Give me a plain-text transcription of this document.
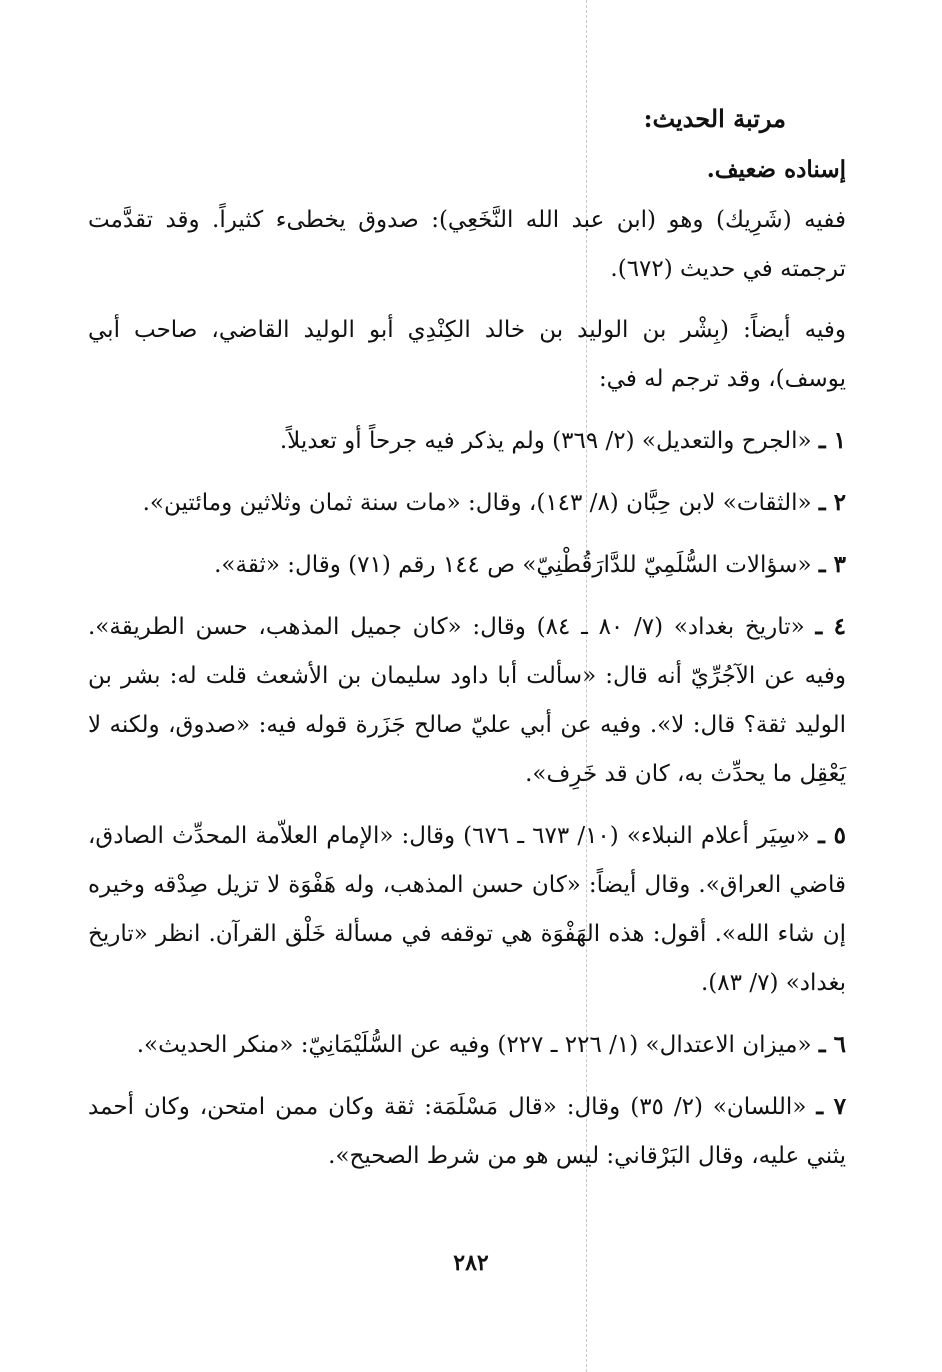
مرتبة الحديث:
إسناده ضعيف.
ففيه (شَرِيك) وهو (ابن عبد الله النَّخَعِي): صدوق يخطىء كثيراً. وقد تقدَّمت ترجمته في حديث (٦٧٢).
وفيه أيضاً: (بِشْر بن الوليد بن خالد الكِنْدِي أبو الوليد القاضي، صاحب أبي يوسف)، وقد ترجم له في:
١ ـ «الجرح والتعديل» (٢/ ٣٦٩) ولم يذكر فيه جرحاً أو تعديلاً.
٢ ـ «الثقات» لابن حِبَّان (٨/ ١٤٣)، وقال: «مات سنة ثمان وثلاثين ومائتين».
٣ ـ «سؤالات السُّلَمِيّ للدَّارَقُطْنِيّ» ص ١٤٤ رقم (٧١) وقال: «ثقة».
٤ ـ «تاريخ بغداد» (٧/ ٨٠ ـ ٨٤) وقال: «كان جميل المذهب، حسن الطريقة». وفيه عن الآجُرِّيّ أنه قال: «سألت أبا داود سليمان بن الأشعث قلت له: بشر بن الوليد ثقة؟ قال: لا». وفيه عن أبي عليّ صالح جَزَرة قوله فيه: «صدوق، ولكنه لا يَعْقِل ما يحدِّث به، كان قد خَرِف».
٥ ـ «سِيَر أعلام النبلاء» (١٠/ ٦٧٣ ـ ٦٧٦) وقال: «الإمام العلاّمة المحدِّث الصادق، قاضي العراق». وقال أيضاً: «كان حسن المذهب، وله هَفْوَة لا تزيل صِدْقه وخيره إن شاء الله». أقول: هذه الهَفْوَة هي توقفه في مسألة خَلْق القرآن. انظر «تاريخ بغداد» (٧/ ٨٣).
٦ ـ «ميزان الاعتدال» (١/ ٢٢٦ ـ ٢٢٧) وفيه عن السُّلَيْمَانِيّ: «منكر الحديث».
٧ ـ «اللسان» (٢/ ٣٥) وقال: «قال مَسْلَمَة: ثقة وكان ممن امتحن، وكان أحمد يثني عليه، وقال البَرْقاني: ليس هو من شرط الصحيح».
٢٨٢
